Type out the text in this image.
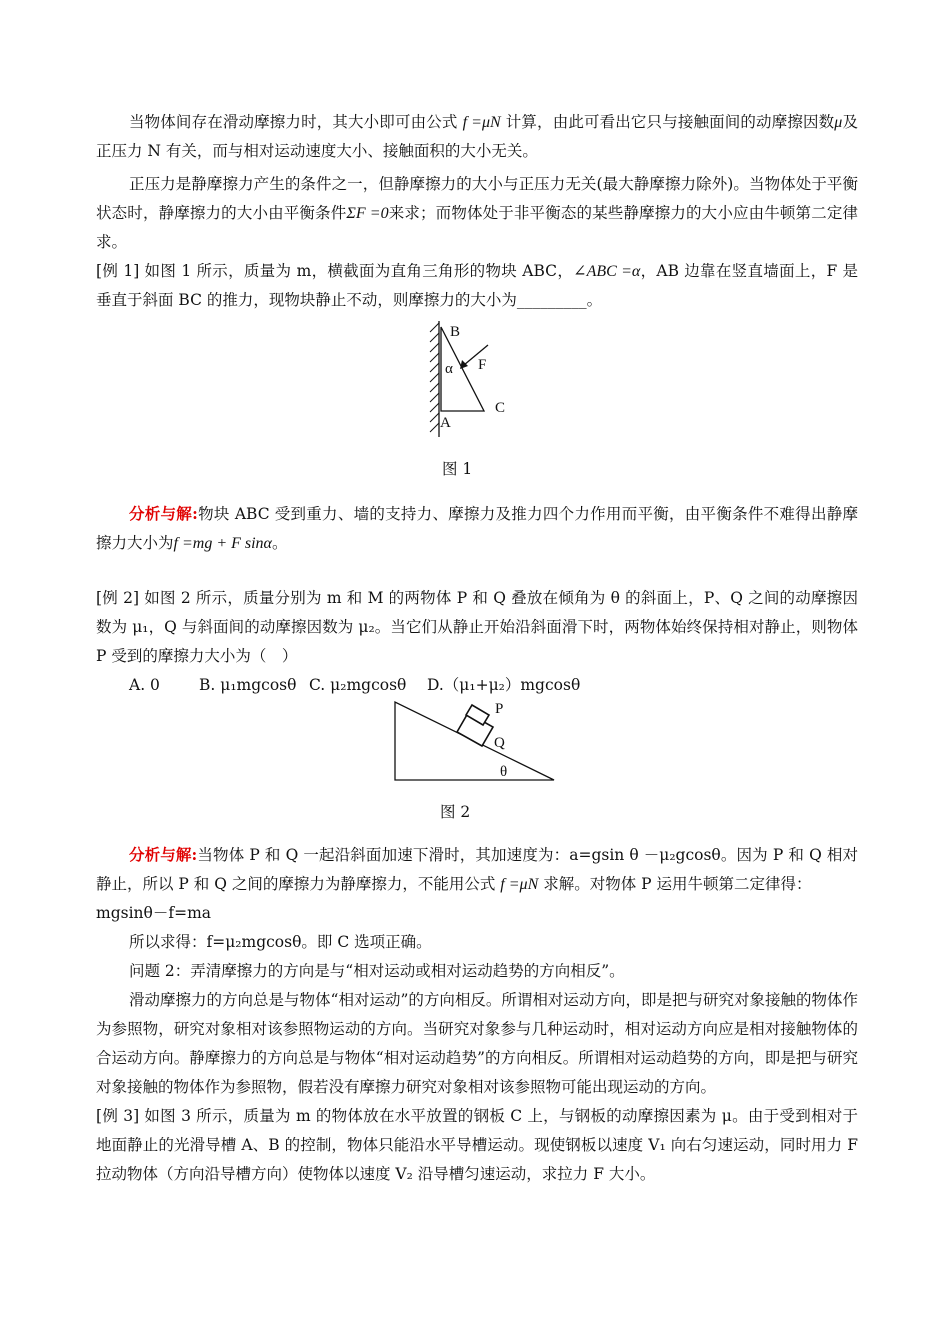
当物体间存在滑动摩擦力时，其大小即可由公式 f =μN 计算，由此可看出它只与接触面间的动摩擦因数μ及正压力 N 有关，而与相对运动速度大小、接触面积的大小无关。

正压力是静摩擦力产生的条件之一，但静摩擦力的大小与正压力无关(最大静摩擦力除外)。当物体处于平衡状态时，静摩擦力的大小由平衡条件ΣF =0来求；而物体处于非平衡态的某些静摩擦力的大小应由牛顿第二定律求。

[例 1] 如图 1 所示，质量为 m，横截面为直角三角形的物块 ABC，∠ABC =α，AB 边靠在竖直墙面上，F 是垂直于斜面 BC 的推力，现物块静止不动，则摩擦力的大小为_________。

B
α F
C
A
图 1

分析与解:物块 ABC 受到重力、墙的支持力、摩擦力及推力四个力作用而平衡，由平衡条件不难得出静摩擦力大小为f =mg + F sinα。

[例 2] 如图 2 所示，质量分别为 m 和 M 的两物体 P 和 Q 叠放在倾角为 θ 的斜面上，P、Q 之间的动摩擦因数为 μ₁，Q 与斜面间的动摩擦因数为 μ₂。当它们从静止开始沿斜面滑下时，两物体始终保持相对静止，则物体 P 受到的摩擦力大小为（　）

A. 0	B. μ₁mgcosθ C. μ₂mgcosθ D.（μ₁+μ₂）mgcosθ

P
Q
θ
图 2

分析与解:当物体 P 和 Q 一起沿斜面加速下滑时，其加速度为：a=gsin θ －μ₂gcosθ。因为 P 和 Q 相对静止，所以 P 和 Q 之间的摩擦力为静摩擦力，不能用公式 f =μN 求解。对物体 P 运用牛顿第二定律得：

mgsinθ－f=ma

所以求得：f=μ₂mgcosθ。即 C 选项正确。

问题 2：弄清摩擦力的方向是与“相对运动或相对运动趋势的方向相反”。

滑动摩擦力的方向总是与物体“相对运动”的方向相反。所谓相对运动方向，即是把与研究对象接触的物体作为参照物，研究对象相对该参照物运动的方向。当研究对象参与几种运动时，相对运动方向应是相对接触物体的合运动方向。静摩擦力的方向总是与物体“相对运动趋势”的方向相反。所谓相对运动趋势的方向，即是把与研究对象接触的物体作为参照物，假若没有摩擦力研究对象相对该参照物可能出现运动的方向。

[例 3] 如图 3 所示，质量为 m 的物体放在水平放置的钢板 C 上，与钢板的动摩擦因素为 μ。由于受到相对于地面静止的光滑导槽 A、B 的控制，物体只能沿水平导槽运动。现使钢板以速度 V₁ 向右匀速运动，同时用力 F 拉动物体（方向沿导槽方向）使物体以速度 V₂ 沿导槽匀速运动，求拉力 F 大小。
